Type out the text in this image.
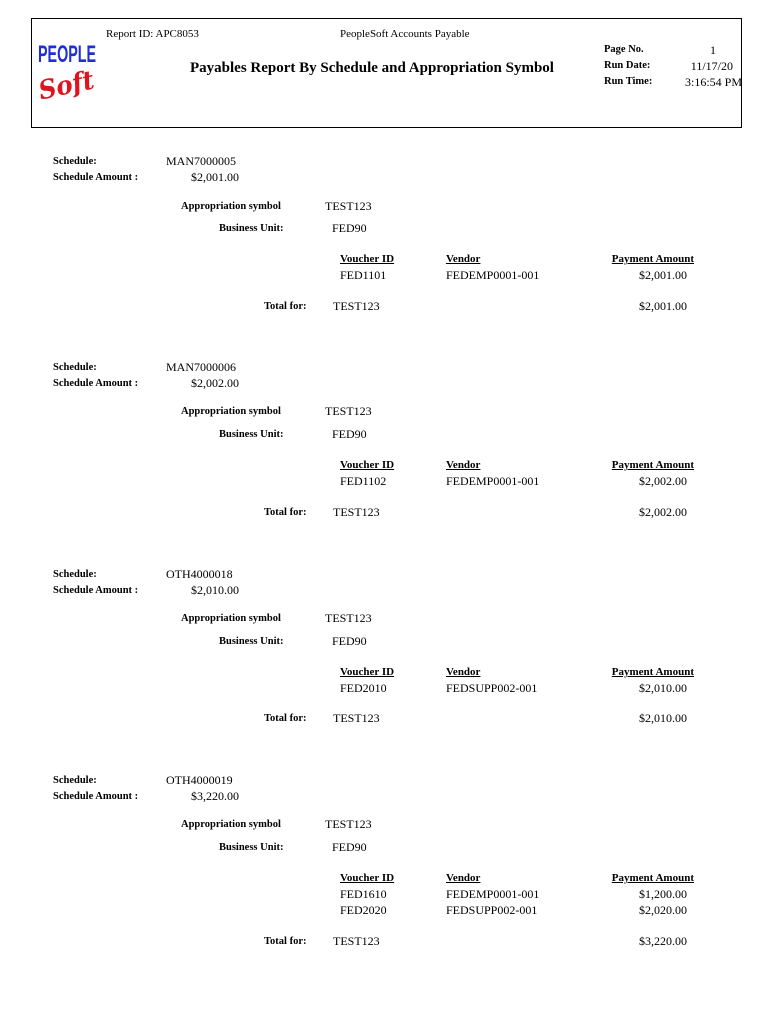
PEOPLE
Soft
Report ID: APC8053	PeopleSoft Accounts Payable
Payables Report By Schedule and Appropriation Symbol
Page No.	1
Run Date:	11/17/20
Run Time:	3:16:54 PM
Schedule:	MAN7000005
Schedule Amount :	$2,001.00
Appropriation symbol	TEST123
Business Unit:	FED90
Voucher ID	Vendor	Payment Amount
FED1101	FEDEMP0001-001	$2,001.00
Total for: TEST123	$2,001.00
Schedule:	MAN7000006
Schedule Amount :	$2,002.00
Appropriation symbol	TEST123
Business Unit:	FED90
Voucher ID	Vendor	Payment Amount
FED1102	FEDEMP0001-001	$2,002.00
Total for: TEST123	$2,002.00
Schedule:	OTH4000018
Schedule Amount :	$2,010.00
Appropriation symbol	TEST123
Business Unit:	FED90
Voucher ID	Vendor	Payment Amount
FED2010	FEDSUPP002-001	$2,010.00
Total for: TEST123	$2,010.00
Schedule:	OTH4000019
Schedule Amount :	$3,220.00
Appropriation symbol	TEST123
Business Unit:	FED90
Voucher ID	Vendor	Payment Amount
FED1610	FEDEMP0001-001	$1,200.00
FED2020	FEDSUPP002-001	$2,020.00
Total for: TEST123	$3,220.00
